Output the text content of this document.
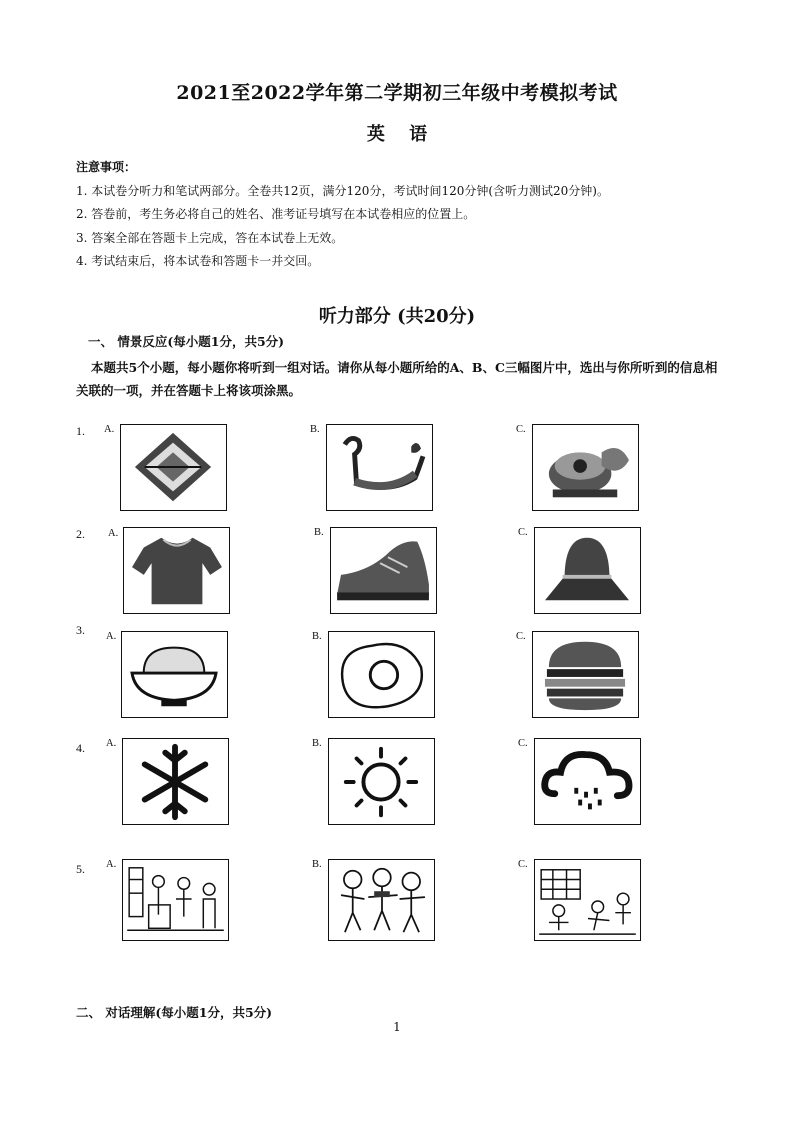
2021至2022学年第二学期初三年级中考模拟考试
英 语
注意事项：
1. 本试卷分听力和笔试两部分。全卷共12页，满分120分，考试时间120分钟(含听力测试20分钟)。
2. 答卷前，考生务必将自己的姓名、准考证号填写在本试卷相应的位置上。
3. 答案全部在答题卡上完成，答在本试卷上无效。
4. 考试结束后，将本试卷和答题卡一并交回。
听力部分 (共20分)
一、 情景反应(每小题1分，共5分)
本题共5个小题，每小题你将听到一组对话。请你从每小题所给的A、B、C三幅图片中，选出与你所听到的信息相关联的一项，并在答题卡上将该项涂黑。
1. A.	B.	C.
2. A.	B.	C.
3. A.	B.	C.
4. A.	B.	C.
5. A.	B.	C.
二、 对话理解(每小题1分，共5分)
1
